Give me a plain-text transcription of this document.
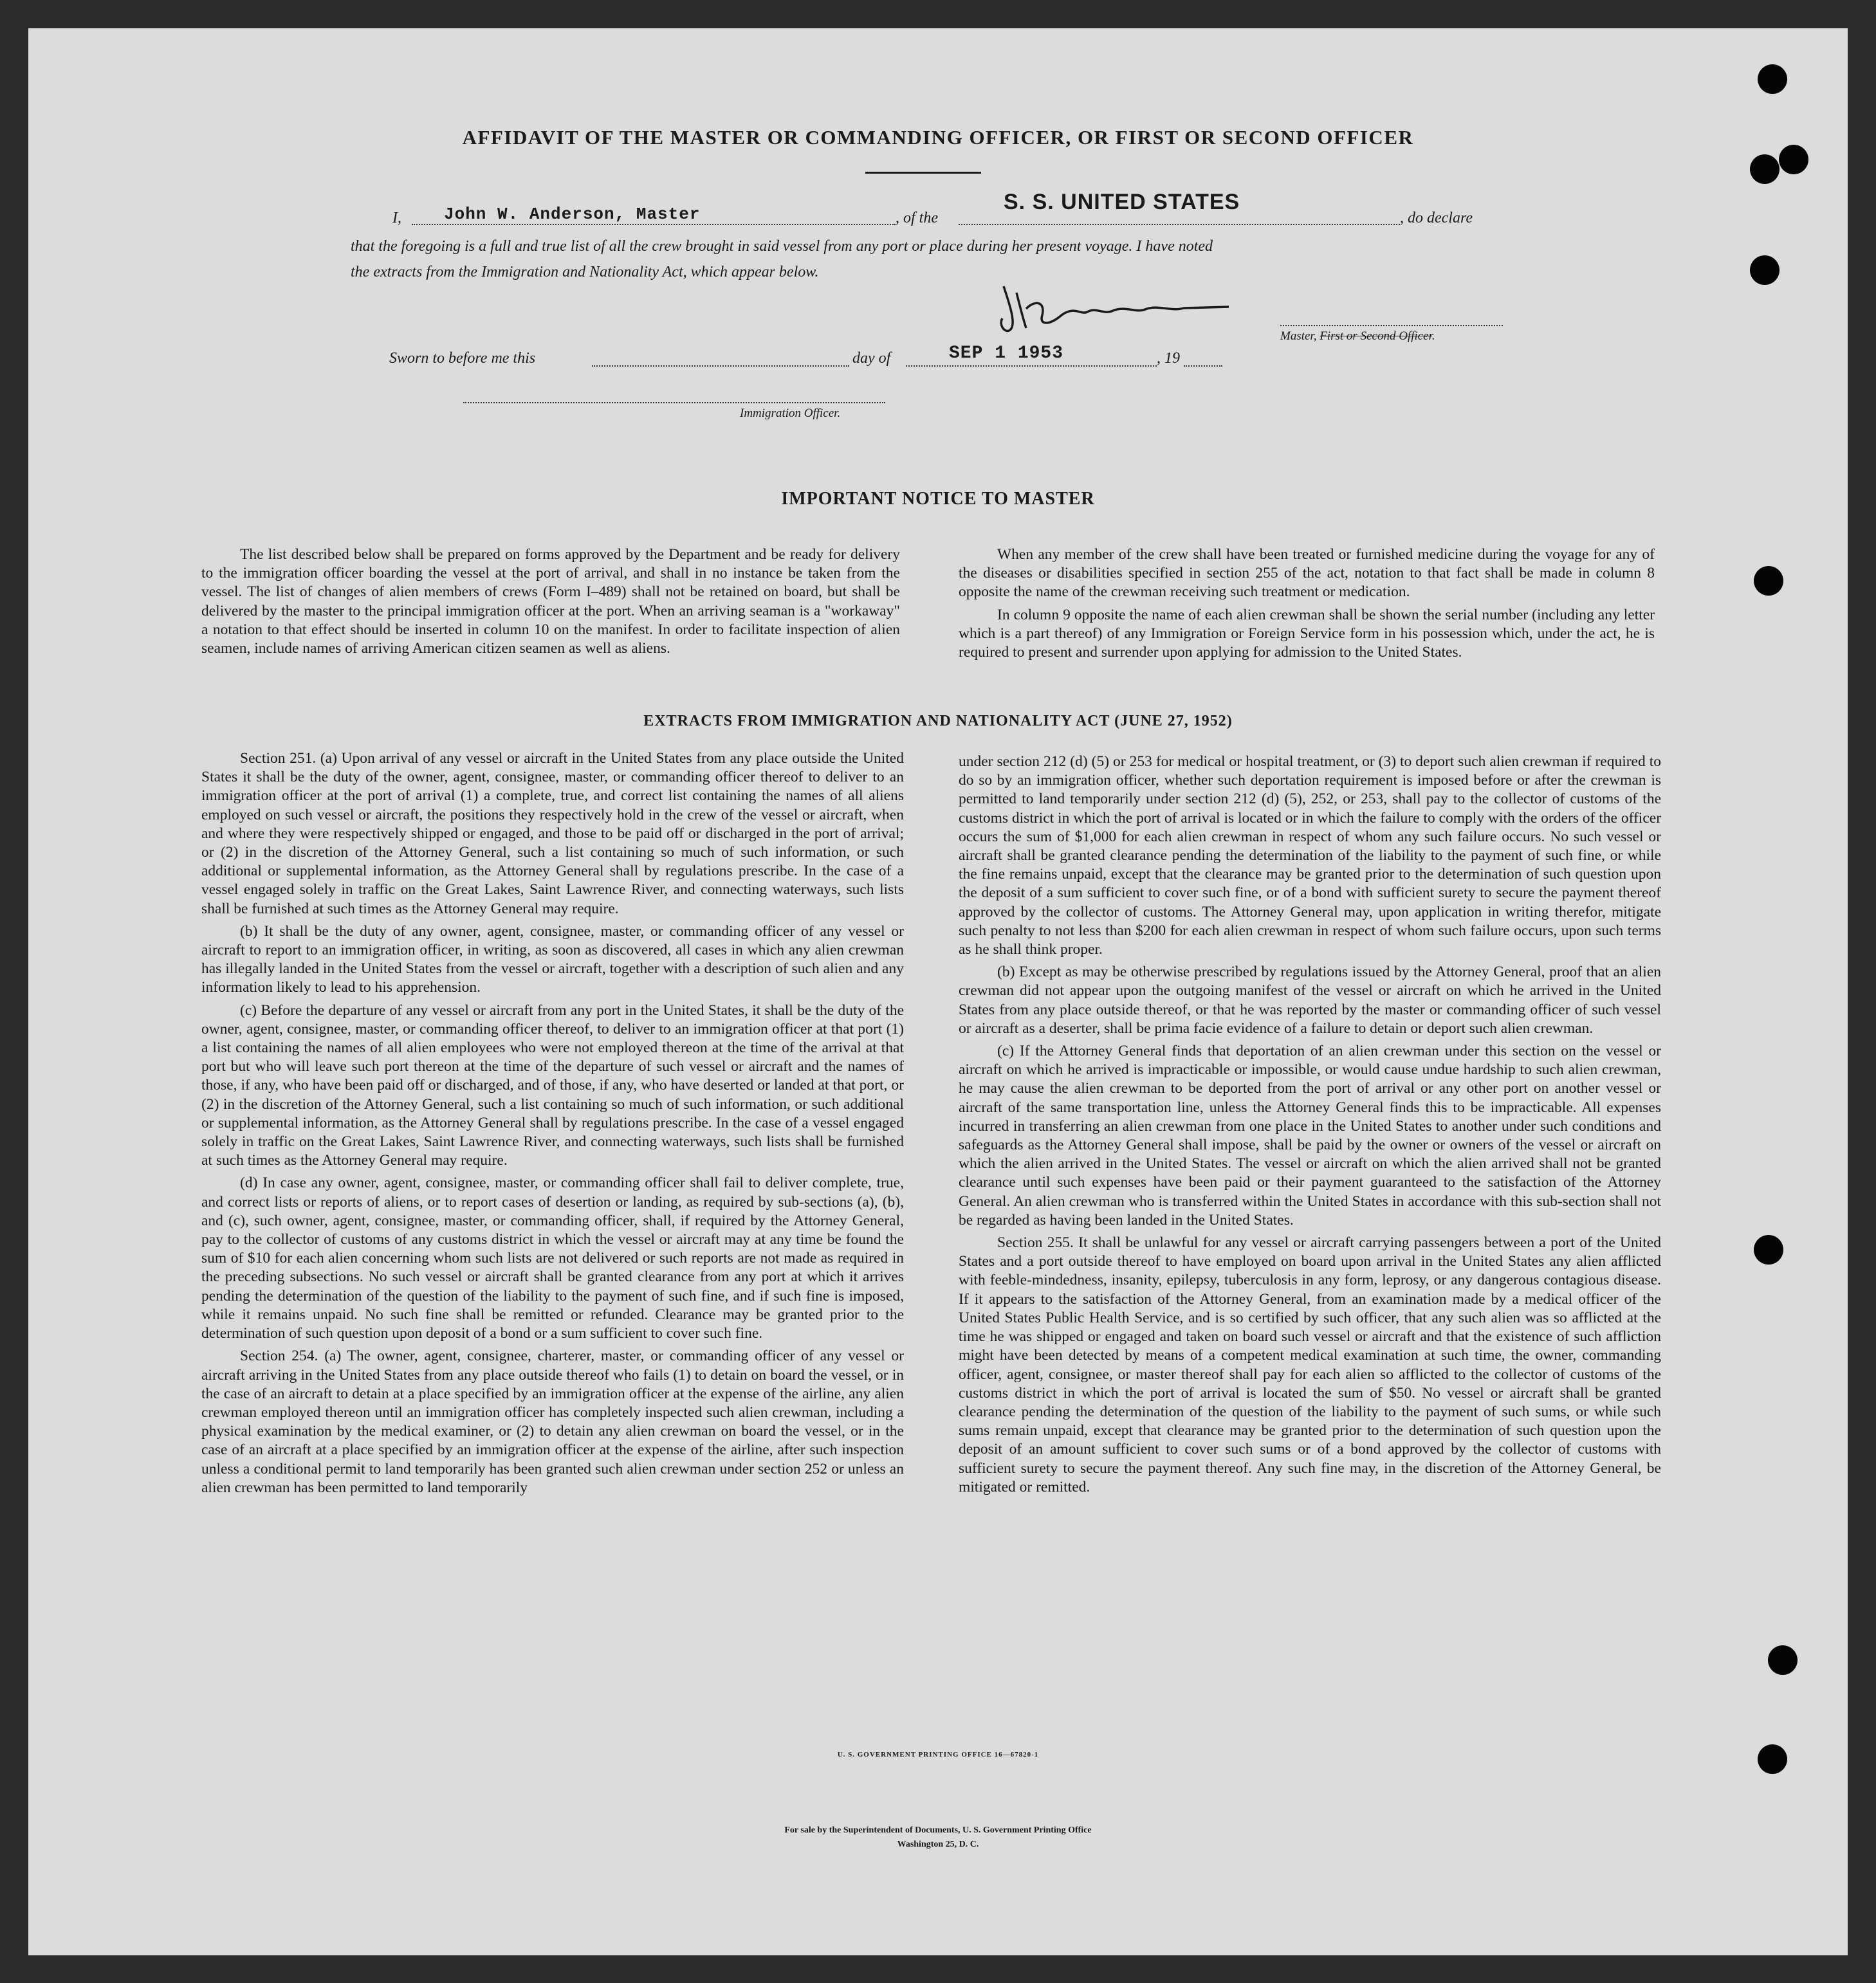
AFFIDAVIT OF THE MASTER OR COMMANDING OFFICER, OR FIRST OR SECOND OFFICER
I,	John W. Anderson, Master	, of the
S. S. UNITED STATES
, do declare
that the foregoing is a full and true list of all the crew brought in said vessel from any port or place during her present voyage. I have noted
the extracts from the Immigration and Nationality Act, which appear below.
Master, First or Second Officer.
Sworn to before me this	day of	SEP 1 1953	, 19
Immigration Officer.
IMPORTANT NOTICE TO MASTER

The list described below shall be prepared on forms approved by the Department and be ready for delivery to the immigration officer boarding the vessel at the port of arrival, and shall in no instance be taken from the vessel. The list of changes of alien members of crews (Form I–489) shall not be retained on board, but shall be delivered by the master to the principal immigration officer at the port. When an arriving seaman is a "workaway" a notation to that effect should be inserted in column 10 on the manifest. In order to facilitate inspection of alien seamen, include names of arriving American citizen seamen as well as aliens.

When any member of the crew shall have been treated or furnished medicine during the voyage for any of the diseases or disabilities specified in section 255 of the act, notation to that fact shall be made in column 8 opposite the name of the crewman receiving such treatment or medication.

In column 9 opposite the name of each alien crewman shall be shown the serial number (including any letter which is a part thereof) of any Immigration or Foreign Service form in his possession which, under the act, he is required to present and surrender upon applying for admission to the United States.

EXTRACTS FROM IMMIGRATION AND NATIONALITY ACT (JUNE 27, 1952)

Section 251. (a) Upon arrival of any vessel or aircraft in the United States from any place outside the United States it shall be the duty of the owner, agent, consignee, master, or commanding officer thereof to deliver to an immigration officer at the port of arrival (1) a complete, true, and correct list containing the names of all aliens employed on such vessel or aircraft, the positions they respectively hold in the crew of the vessel or aircraft, when and where they were respectively shipped or engaged, and those to be paid off or discharged in the port of arrival; or (2) in the discretion of the Attorney General, such a list containing so much of such information, or such additional or supplemental information, as the Attorney General shall by regulations prescribe. In the case of a vessel engaged solely in traffic on the Great Lakes, Saint Lawrence River, and connecting waterways, such lists shall be furnished at such times as the Attorney General may require.

(b) It shall be the duty of any owner, agent, consignee, master, or commanding officer of any vessel or aircraft to report to an immigration officer, in writing, as soon as discovered, all cases in which any alien crewman has illegally landed in the United States from the vessel or aircraft, together with a description of such alien and any information likely to lead to his apprehension.

(c) Before the departure of any vessel or aircraft from any port in the United States, it shall be the duty of the owner, agent, consignee, master, or commanding officer thereof, to deliver to an immigration officer at that port (1) a list containing the names of all alien employees who were not employed thereon at the time of the arrival at that port but who will leave such port thereon at the time of the departure of such vessel or aircraft and the names of those, if any, who have been paid off or discharged, and of those, if any, who have deserted or landed at that port, or (2) in the discretion of the Attorney General, such a list containing so much of such information, or such additional or supplemental information, as the Attorney General shall by regulations prescribe. In the case of a vessel engaged solely in traffic on the Great Lakes, Saint Lawrence River, and connecting waterways, such lists shall be furnished at such times as the Attorney General may require.

(d) In case any owner, agent, consignee, master, or commanding officer shall fail to deliver complete, true, and correct lists or reports of aliens, or to report cases of desertion or landing, as required by sub-sections (a), (b), and (c), such owner, agent, consignee, master, or commanding officer, shall, if required by the Attorney General, pay to the collector of customs of any customs district in which the vessel or aircraft may at any time be found the sum of $10 for each alien concerning whom such lists are not delivered or such reports are not made as required in the preceding subsections. No such vessel or aircraft shall be granted clearance from any port at which it arrives pending the determination of the question of the liability to the payment of such fine, and if such fine is imposed, while it remains unpaid. No such fine shall be remitted or refunded. Clearance may be granted prior to the determination of such question upon deposit of a bond or a sum sufficient to cover such fine.

Section 254. (a) The owner, agent, consignee, charterer, master, or commanding officer of any vessel or aircraft arriving in the United States from any place outside thereof who fails (1) to detain on board the vessel, or in the case of an aircraft to detain at a place specified by an immigration officer at the expense of the airline, any alien crewman employed thereon until an immigration officer has completely inspected such alien crewman, including a physical examination by the medical examiner, or (2) to detain any alien crewman on board the vessel, or in the case of an aircraft at a place specified by an immigration officer at the expense of the airline, after such inspection unless a conditional permit to land temporarily has been granted such alien crewman under section 252 or unless an alien crewman has been permitted to land temporarily

under section 212 (d) (5) or 253 for medical or hospital treatment, or (3) to deport such alien crewman if required to do so by an immigration officer, whether such deportation requirement is imposed before or after the crewman is permitted to land temporarily under section 212 (d) (5), 252, or 253, shall pay to the collector of customs of the customs district in which the port of arrival is located or in which the failure to comply with the orders of the officer occurs the sum of $1,000 for each alien crewman in respect of whom any such failure occurs. No such vessel or aircraft shall be granted clearance pending the determination of the liability to the payment of such fine, or while the fine remains unpaid, except that the clearance may be granted prior to the determination of such question upon the deposit of a sum sufficient to cover such fine, or of a bond with sufficient surety to secure the payment thereof approved by the collector of customs. The Attorney General may, upon application in writing therefor, mitigate such penalty to not less than $200 for each alien crewman in respect of whom such failure occurs, upon such terms as he shall think proper.

(b) Except as may be otherwise prescribed by regulations issued by the Attorney General, proof that an alien crewman did not appear upon the outgoing manifest of the vessel or aircraft on which he arrived in the United States from any place outside thereof, or that he was reported by the master or commanding officer of such vessel or aircraft as a deserter, shall be prima facie evidence of a failure to detain or deport such alien crewman.

(c) If the Attorney General finds that deportation of an alien crewman under this section on the vessel or aircraft on which he arrived is impracticable or impossible, or would cause undue hardship to such alien crewman, he may cause the alien crewman to be deported from the port of arrival or any other port on another vessel or aircraft of the same transportation line, unless the Attorney General finds this to be impracticable. All expenses incurred in transferring an alien crewman from one place in the United States to another under such conditions and safeguards as the Attorney General shall impose, shall be paid by the owner or owners of the vessel or aircraft on which the alien arrived in the United States. The vessel or aircraft on which the alien arrived shall not be granted clearance until such expenses have been paid or their payment guaranteed to the satisfaction of the Attorney General. An alien crewman who is transferred within the United States in accordance with this sub-section shall not be regarded as having been landed in the United States.

Section 255. It shall be unlawful for any vessel or aircraft carrying passengers between a port of the United States and a port outside thereof to have employed on board upon arrival in the United States any alien afflicted with feeble-mindedness, insanity, epilepsy, tuberculosis in any form, leprosy, or any dangerous contagious disease. If it appears to the satisfaction of the Attorney General, from an examination made by a medical officer of the United States Public Health Service, and is so certified by such officer, that any such alien was so afflicted at the time he was shipped or engaged and taken on board such vessel or aircraft and that the existence of such affliction might have been detected by means of a competent medical examination at such time, the owner, commanding officer, agent, consignee, or master thereof shall pay for each alien so afflicted to the collector of customs of the customs district in which the port of arrival is located the sum of $50. No vessel or aircraft shall be granted clearance pending the determination of the question of the liability to the payment of such sums, or while such sums remain unpaid, except that clearance may be granted prior to the determination of such question upon the deposit of an amount sufficient to cover such sums or of a bond approved by the collector of customs with sufficient surety to secure the payment thereof. Any such fine may, in the discretion of the Attorney General, be mitigated or remitted.

U. S. GOVERNMENT PRINTING OFFICE 16—67820-1
For sale by the Superintendent of Documents, U. S. Government Printing Office
Washington 25, D. C.
